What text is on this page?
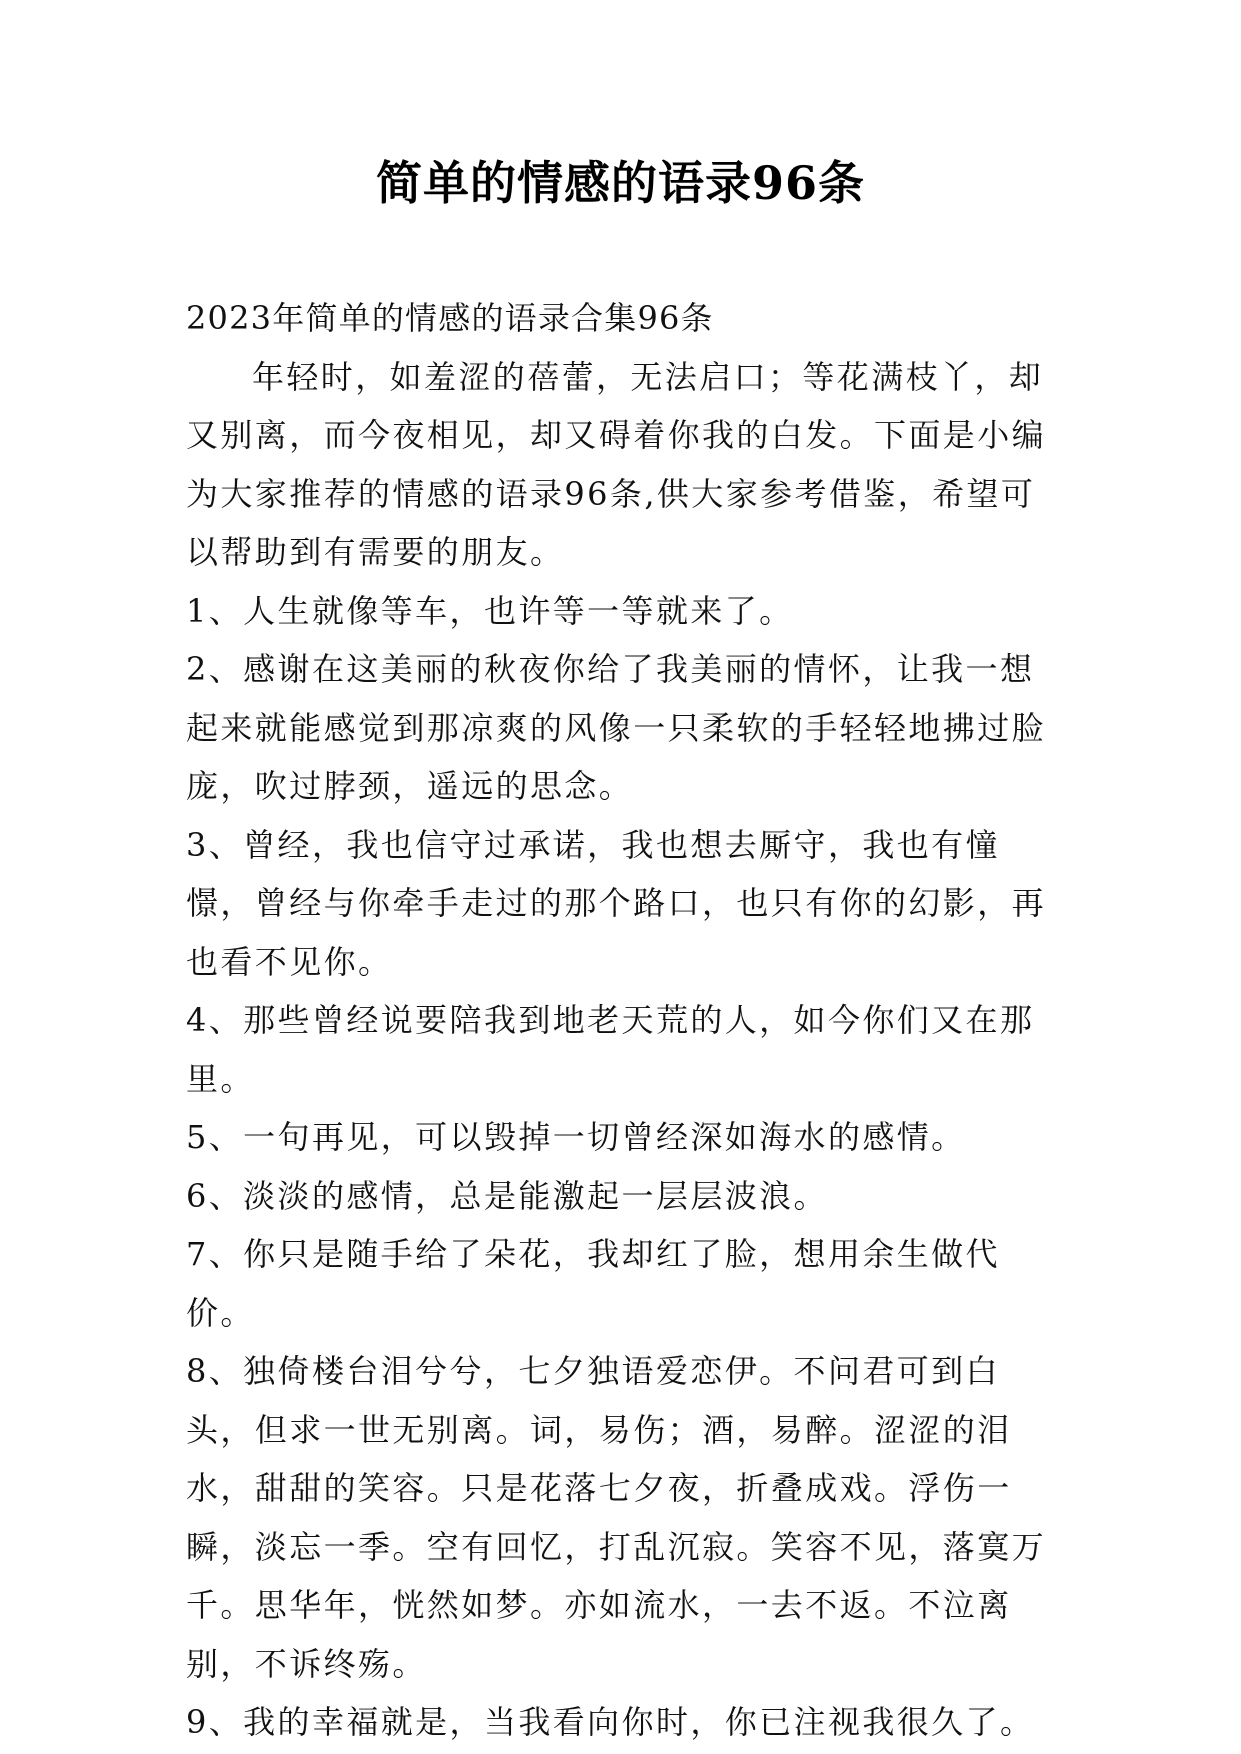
简单的情感的语录96条

2023年简单的情感的语录合集96条

年轻时，如羞涩的蓓蕾，无法启口；等花满枝丫，却又别离，而今夜相见，却又碍着你我的白发。下面是小编为大家推荐的情感的语录96条,供大家参考借鉴，希望可以帮助到有需要的朋友。

1、人生就像等车，也许等一等就来了。

2、感谢在这美丽的秋夜你给了我美丽的情怀，让我一想起来就能感觉到那凉爽的风像一只柔软的手轻轻地拂过脸庞，吹过脖颈，遥远的思念。

3、曾经，我也信守过承诺，我也想去厮守，我也有憧憬，曾经与你牵手走过的那个路口，也只有你的幻影，再也看不见你。

4、那些曾经说要陪我到地老天荒的人，如今你们又在那里。

5、一句再见，可以毁掉一切曾经深如海水的感情。

6、淡淡的感情，总是能激起一层层波浪。

7、你只是随手给了朵花，我却红了脸，想用余生做代价。

8、独倚楼台泪兮兮，七夕独语爱恋伊。不问君可到白头，但求一世无别离。词，易伤；酒，易醉。涩涩的泪水，甜甜的笑容。只是花落七夕夜，折叠成戏。浮伤一瞬，淡忘一季。空有回忆，打乱沉寂。笑容不见，落寞万千。思华年，恍然如梦。亦如流水，一去不返。不泣离别，不诉终殇。

9、我的幸福就是，当我看向你时，你已注视我很久了。
